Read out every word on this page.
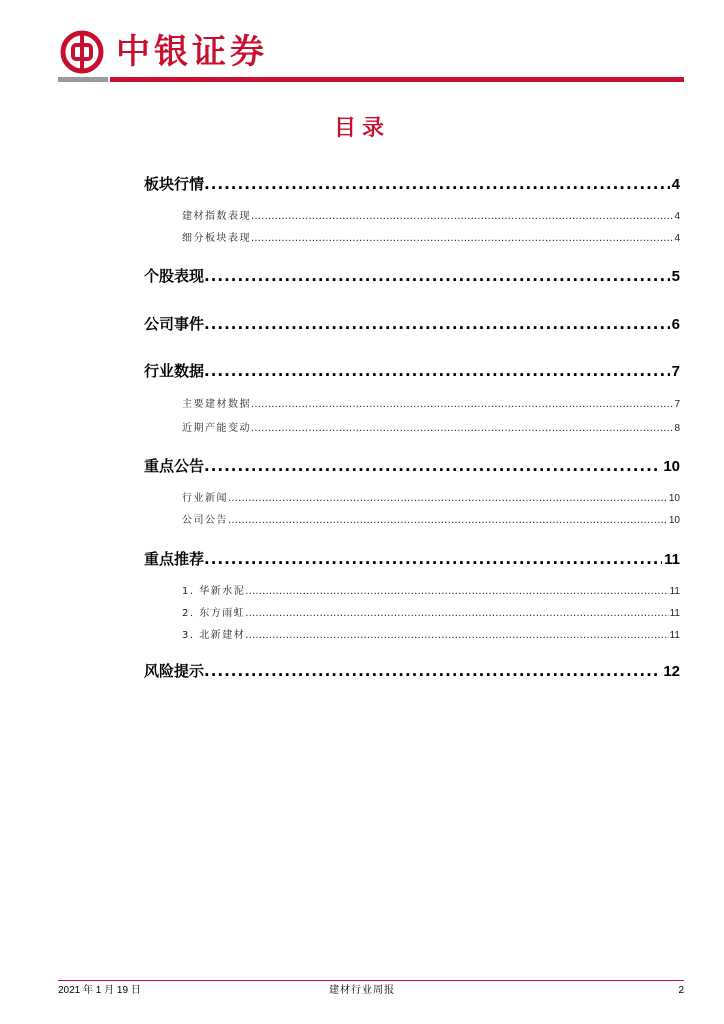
中银证券
目录
板块行情 .....	4
建材指数表现 .....	4
细分板块表现 .....	4
个股表现 .....	5
公司事件 .....	6
行业数据 .....	7
主要建材数据 .....	7
近期产能变动 .....	8
重点公告 .....	10
行业新闻 .....	10
公司公告 .....	10
重点推荐 .....	11
1. 华新水泥 .....	11
2. 东方雨虹 .....	11
3. 北新建材 .....	11
风险提示 .....	12
2021 年 1 月 19 日	建材行业周报	2
